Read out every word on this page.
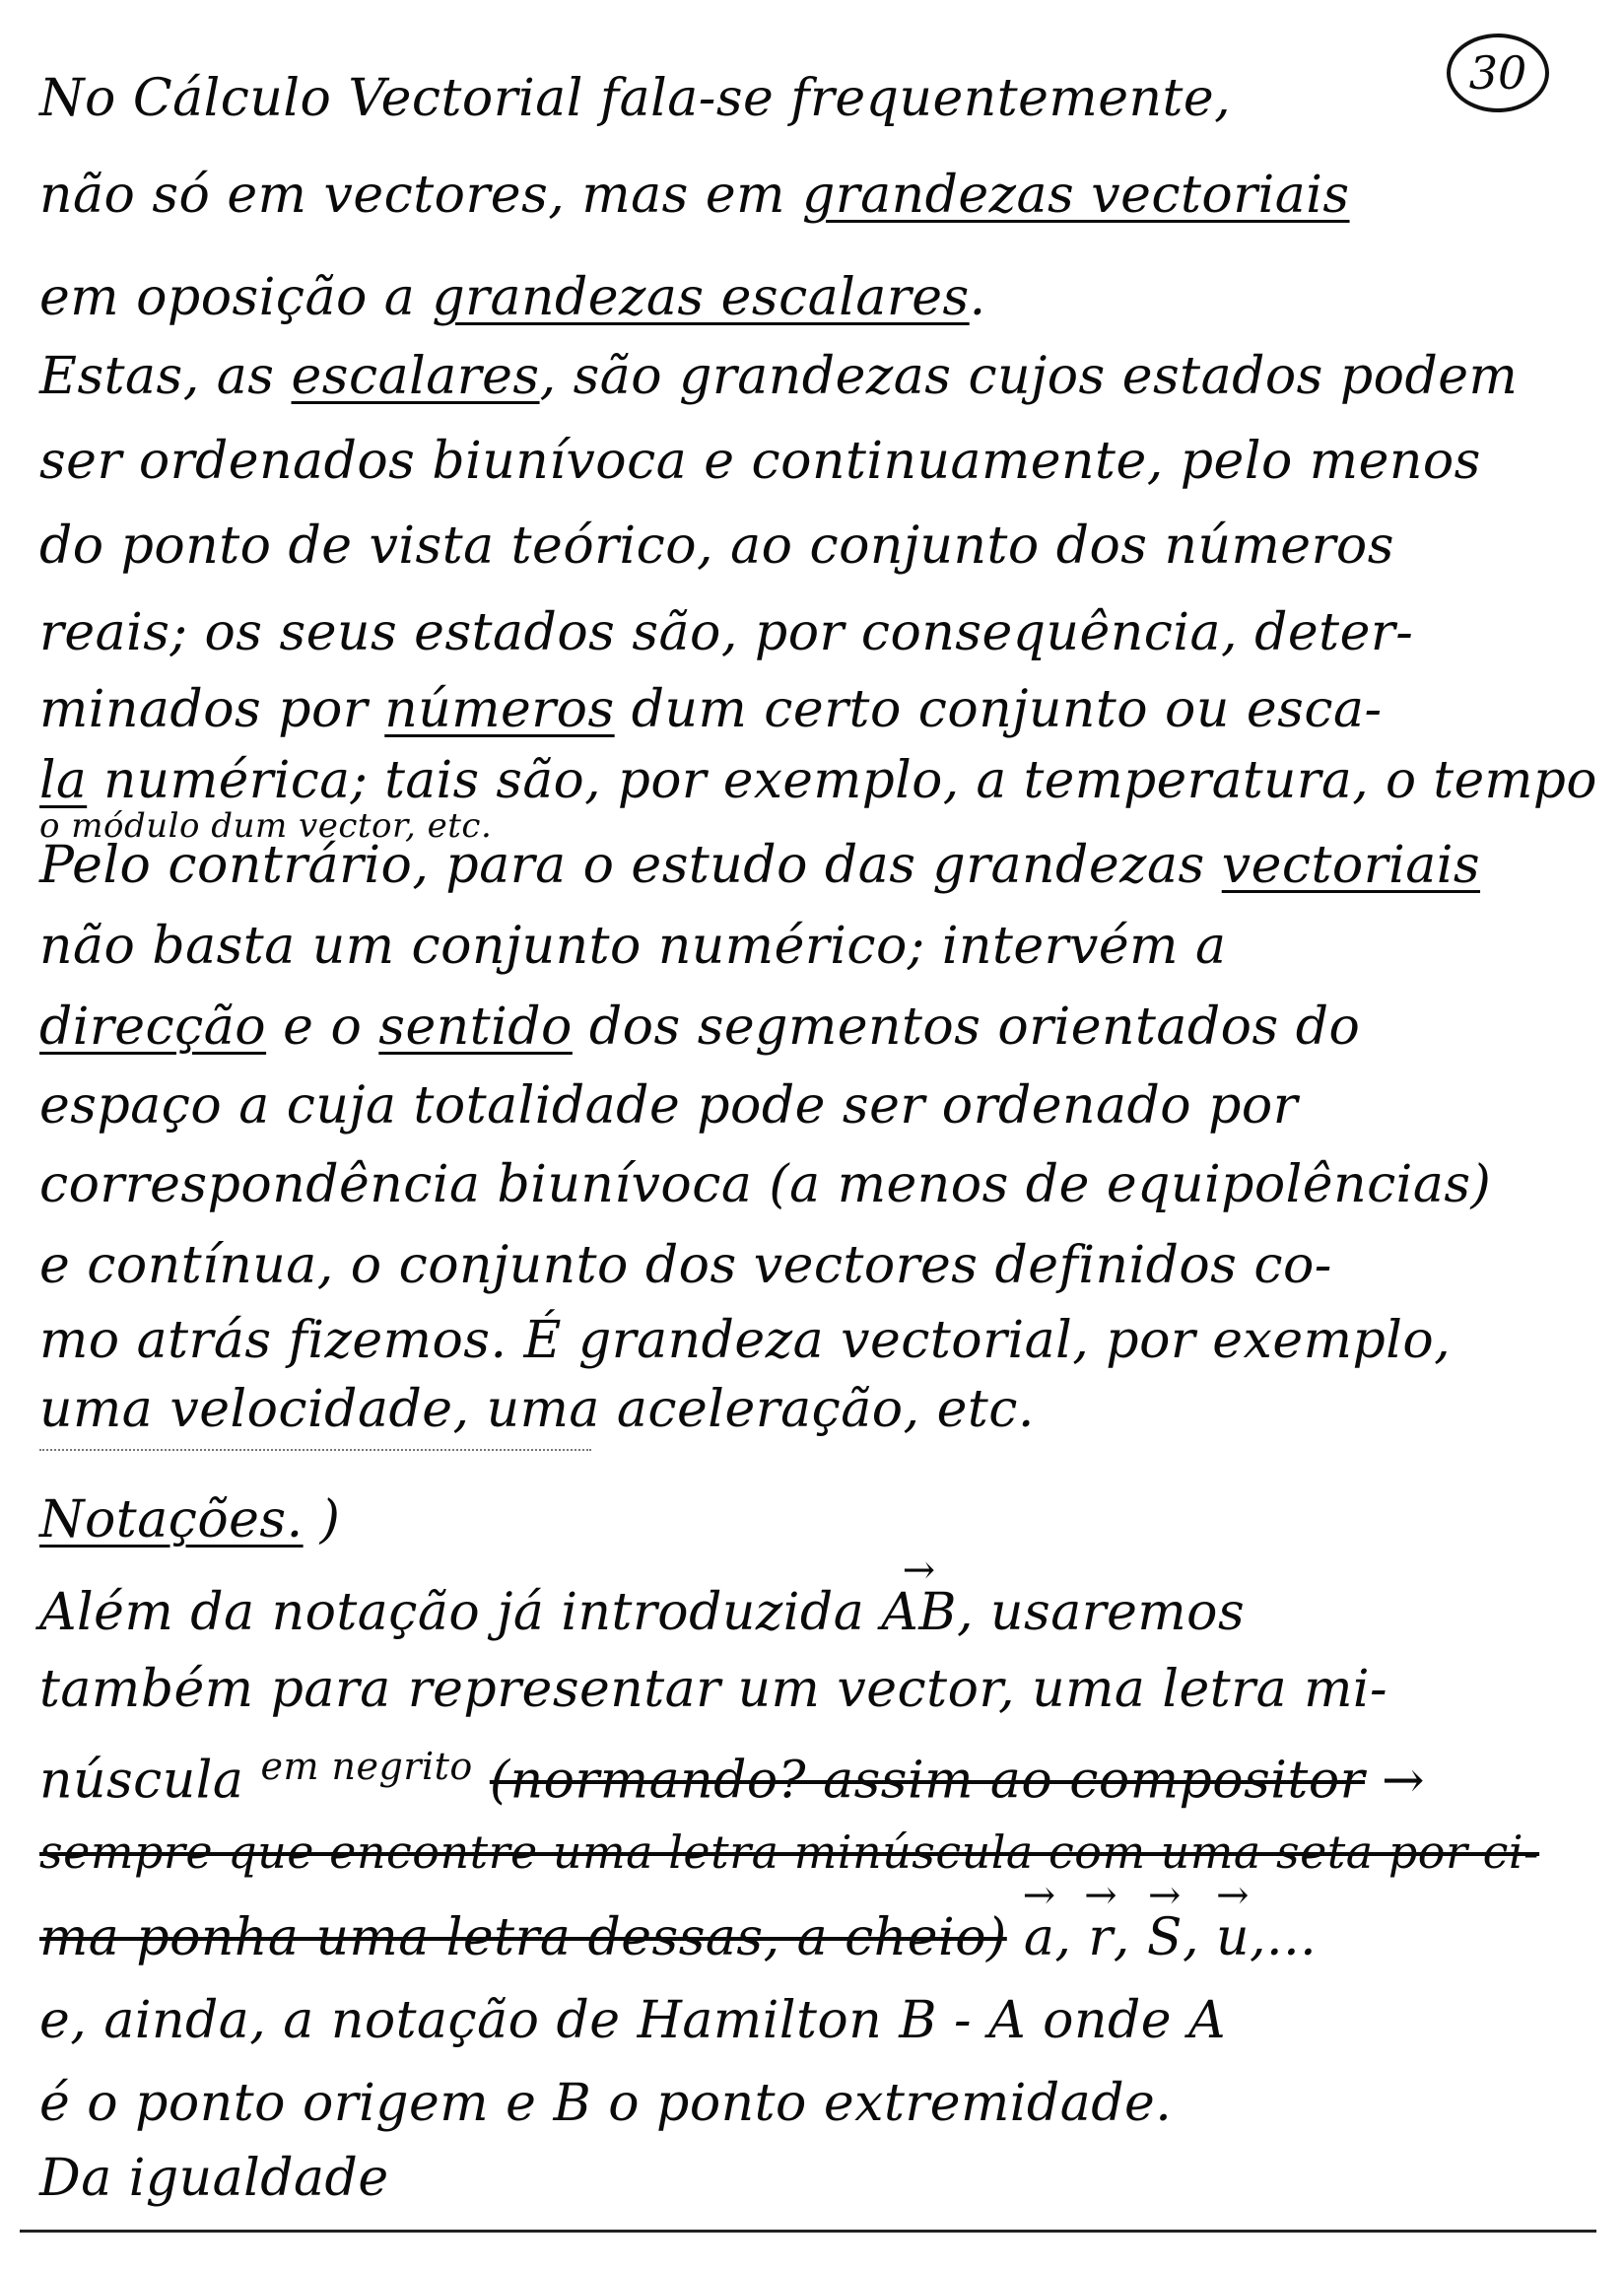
30
No Cálculo Vectorial fala-se frequentemente,
não só em vectores, mas em grandezas vectoriais
em oposição a grandezas escalares.
Estas, as escalares, são grandezas cujos estados podem
ser ordenados biunívoca e continuamente, pelo menos
do ponto de vista teórico, ao conjunto dos números
reais; os seus estados são, por consequência, deter-
minados por números dum certo conjunto ou esca-
la numérica; tais são, por exemplo, a temperatura, o tempo
o módulo dum vector, etc.
Pelo contrário, para o estudo das grandezas vectoriais
não basta um conjunto numérico; intervém a
direcção e o sentido dos segmentos orientados do
espaço a cuja totalidade pode ser ordenado por
correspondência biunívoca (a menos de equipolências)
e contínua, o conjunto dos vectores definidos co-
mo atrás fizemos. É grandeza vectorial, por exemplo,
uma velocidade, uma aceleração, etc.
Notações. )
Além da notação já introduzida → AB, usaremos
também para representar um vector, uma letra mi-
núscula $^{em negrito}$ (normando? assim ao compositor →
sempre que encontre uma letra minúscula com uma seta por ci-
ma ponha uma letra dessas, a cheio) → a, → r, → S, → u,...
e, ainda, a notação de Hamilton B - A onde A
é o ponto origem e B o ponto extremidade.
Da igualdade
